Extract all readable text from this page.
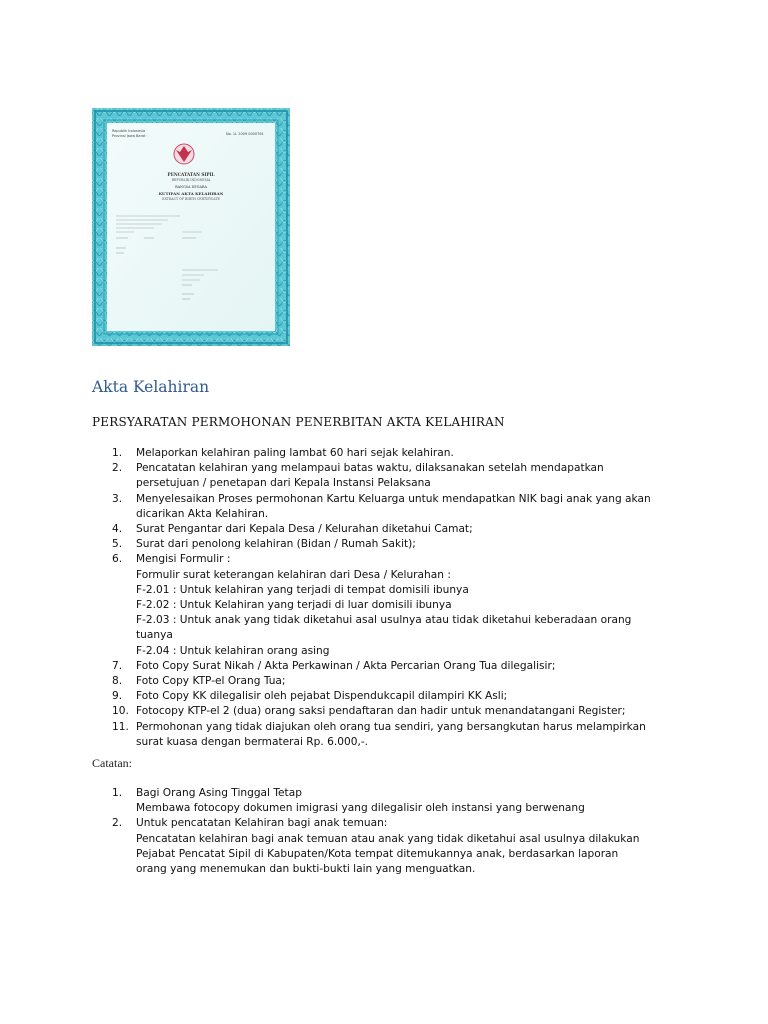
Republik Indonesia
Provinsi Jawa Barat	No. 1L 2009 0000761
PENCATATAN SIPIL
REPUBLIK INDONESIA
BANGSA DEGARA
KUTIPAN AKTA KELAHIRAN
EXTRACT OF BIRTH CERTIFICATE
Akta Kelahiran
PERSYARATAN PERMOHONAN PENERBITAN AKTA KELAHIRAN
1. Melaporkan kelahiran paling lambat 60 hari sejak kelahiran.
2. Pencatatan kelahiran yang melampaui batas waktu, dilaksanakan setelah mendapatkan
persetujuan / penetapan dari Kepala Instansi Pelaksana
3. Menyelesaikan Proses permohonan Kartu Keluarga untuk mendapatkan NIK bagi anak yang akan
dicarikan Akta Kelahiran.
4. Surat Pengantar dari Kepala Desa / Kelurahan diketahui Camat;
5. Surat dari penolong kelahiran (Bidan / Rumah Sakit);
6. Mengisi Formulir :
Formulir surat keterangan kelahiran dari Desa / Kelurahan :
F-2.01 : Untuk kelahiran yang terjadi di tempat domisili ibunya
F-2.02 : Untuk Kelahiran yang terjadi di luar domisili ibunya
F-2.03 : Untuk anak yang tidak diketahui asal usulnya atau tidak diketahui keberadaan orang
tuanya
F-2.04 : Untuk kelahiran orang asing
7. Foto Copy Surat Nikah / Akta Perkawinan / Akta Percarian Orang Tua dilegalisir;
8. Foto Copy KTP-el Orang Tua;
9. Foto Copy KK dilegalisir oleh pejabat Dispendukcapil dilampiri KK Asli;
10. Fotocopy KTP-el 2 (dua) orang saksi pendaftaran dan hadir untuk menandatangani Register;
11. Permohonan yang tidak diajukan oleh orang tua sendiri, yang bersangkutan harus melampirkan
surat kuasa dengan bermaterai Rp. 6.000,-.

Catatan:

1. Bagi Orang Asing Tinggal Tetap
Membawa fotocopy dokumen imigrasi yang dilegalisir oleh instansi yang berwenang
2. Untuk pencatatan Kelahiran bagi anak temuan:
Pencatatan kelahiran bagi anak temuan atau anak yang tidak diketahui asal usulnya dilakukan
Pejabat Pencatat Sipil di Kabupaten/Kota tempat ditemukannya anak, berdasarkan laporan
orang yang menemukan dan bukti-bukti lain yang menguatkan.
